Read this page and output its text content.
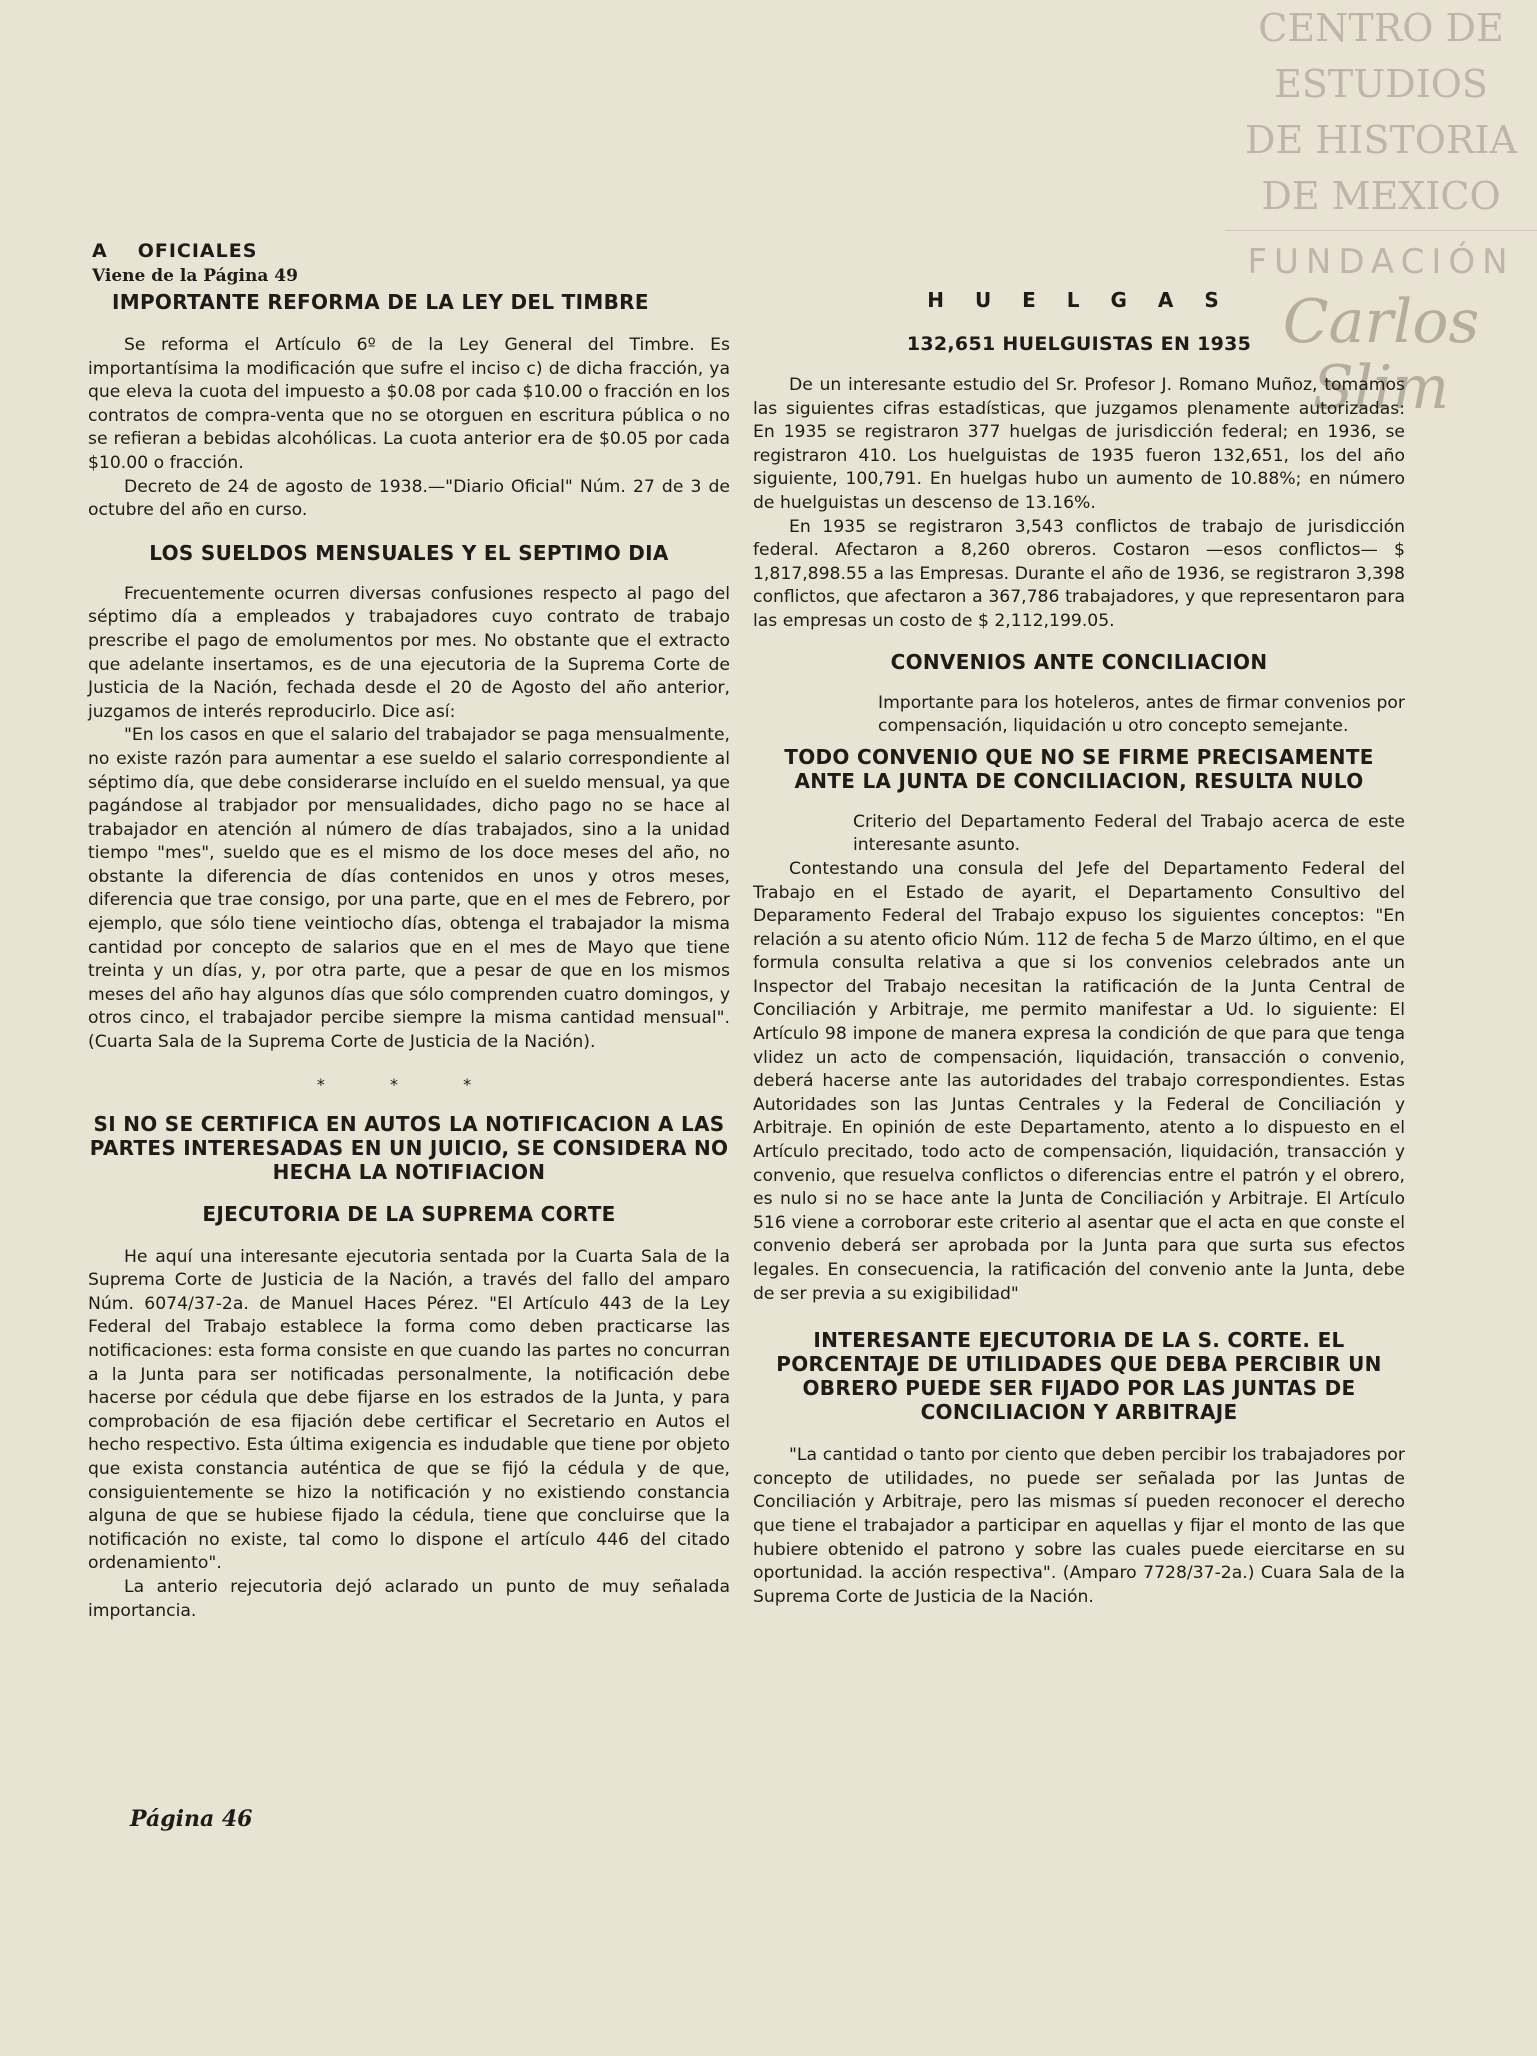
CENTRO DE
ESTUDIOS
DE HISTORIA
DE MEXICO
FUNDACIÓN
Carlos Slim
A OFICIALES
Viene de la Página 49
IMPORTANTE REFORMA DE LA LEY DEL TIMBRE

Se reforma el Artículo 6º de la Ley General del Timbre. Es importantísima la modificación que sufre el inciso c) de dicha fracción, ya que eleva la cuota del impuesto a $0.08 por cada $10.00 o fracción en los contratos de compra-venta que no se otorguen en escritura pública o no se refieran a bebidas alcohólicas. La cuota anterior era de $0.05 por cada $10.00 o fracción.

Decreto de 24 de agosto de 1938.—"Diario Oficial" Núm. 27 de 3 de octubre del año en curso.

LOS SUELDOS MENSUALES Y EL SEPTIMO DIA

Frecuentemente ocurren diversas confusiones respecto al pago del séptimo día a empleados y trabajadores cuyo contrato de trabajo prescribe el pago de emolumentos por mes. No obstante que el extracto que adelante insertamos, es de una ejecutoria de la Suprema Corte de Justicia de la Nación, fechada desde el 20 de Agosto del año anterior, juzgamos de interés reproducirlo. Dice así:

"En los casos en que el salario del trabajador se paga mensualmente, no existe razón para aumentar a ese sueldo el salario correspondiente al séptimo día, que debe considerarse incluído en el sueldo mensual, ya que pagándose al trabjador por mensualidades, dicho pago no se hace al trabajador en atención al número de días trabajados, sino a la unidad tiempo "mes", sueldo que es el mismo de los doce meses del año, no obstante la diferencia de días contenidos en unos y otros meses, diferencia que trae consigo, por una parte, que en el mes de Febrero, por ejemplo, que sólo tiene veintiocho días, obtenga el trabajador la misma cantidad por concepto de salarios que en el mes de Mayo que tiene treinta y un días, y, por otra parte, que a pesar de que en los mismos meses del año hay algunos días que sólo comprenden cuatro domingos, y otros cinco, el trabajador percibe siempre la misma cantidad mensual". (Cuarta Sala de la Suprema Corte de Justicia de la Nación).

* * *

SI NO SE CERTIFICA EN AUTOS LA NOTIFICACION A LAS PARTES INTERESADAS EN UN JUICIO, SE CONSIDERA NO HECHA LA NOTIFIACION
EJECUTORIA DE LA SUPREMA CORTE

He aquí una interesante ejecutoria sentada por la Cuarta Sala de la Suprema Corte de Justicia de la Nación, a través del fallo del amparo Núm. 6074/37-2a. de Manuel Haces Pérez. "El Artículo 443 de la Ley Federal del Trabajo establece la forma como deben practicarse las notificaciones: esta forma consiste en que cuando las partes no concurran a la Junta para ser notificadas personalmente, la notificación debe hacerse por cédula que debe fijarse en los estrados de la Junta, y para comprobación de esa fijación debe certificar el Secretario en Autos el hecho respectivo. Esta última exigencia es indudable que tiene por objeto que exista constancia auténtica de que se fijó la cédula y de que, consiguientemente se hizo la notificación y no existiendo constancia alguna de que se hubiese fijado la cédula, tiene que concluirse que la notificación no existe, tal como lo dispone el artículo 446 del citado ordenamiento".

La anterio rejecutoria dejó aclarado un punto de muy señalada importancia.

Página 46
H U E L G A S
132,651 HUELGUISTAS EN 1935

De un interesante estudio del Sr. Profesor J. Romano Muñoz, tomamos las siguientes cifras estadísticas, que juzgamos plenamente autorizadas: En 1935 se registraron 377 huelgas de jurisdicción federal; en 1936, se registraron 410. Los huelguistas de 1935 fueron 132,651, los del año siguiente, 100,791. En huelgas hubo un aumento de 10.88%; en número de huelguistas un descenso de 13.16%.

En 1935 se registraron 3,543 conflictos de trabajo de jurisdicción federal. Afectaron a 8,260 obreros. Costaron —esos conflictos— $ 1,817,898.55 a las Empresas. Durante el año de 1936, se registraron 3,398 conflictos, que afectaron a 367,786 trabajadores, y que representaron para las empresas un costo de $ 2,112,199.05.

CONVENIOS ANTE CONCILIACION

Importante para los hoteleros, antes de firmar convenios por compensación, liquidación u otro concepto semejante.

TODO CONVENIO QUE NO SE FIRME PRECISAMENTE ANTE LA JUNTA DE CONCILIACION, RESULTA NULO

Criterio del Departamento Federal del Trabajo acerca de este interesante asunto.

Contestando una consula del Jefe del Departamento Federal del Trabajo en el Estado de ayarit, el Departamento Consultivo del Deparamento Federal del Trabajo expuso los siguientes conceptos: "En relación a su atento oficio Núm. 112 de fecha 5 de Marzo último, en el que formula consulta relativa a que si los convenios celebrados ante un Inspector del Trabajo necesitan la ratificación de la Junta Central de Conciliación y Arbitraje, me permito manifestar a Ud. lo siguiente: El Artículo 98 impone de manera expresa la condición de que para que tenga vlidez un acto de compensación, liquidación, transacción o convenio, deberá hacerse ante las autoridades del trabajo correspondientes. Estas Autoridades son las Juntas Centrales y la Federal de Conciliación y Arbitraje. En opinión de este Departamento, atento a lo dispuesto en el Artículo precitado, todo acto de compensación, liquidación, transacción y convenio, que resuelva conflictos o diferencias entre el patrón y el obrero, es nulo si no se hace ante la Junta de Conciliación y Arbitraje. El Artículo 516 viene a corroborar este criterio al asentar que el acta en que conste el convenio deberá ser aprobada por la Junta para que surta sus efectos legales. En consecuencia, la ratificación del convenio ante la Junta, debe de ser previa a su exigibilidad"

INTERESANTE EJECUTORIA DE LA S. CORTE. EL PORCENTAJE DE UTILIDADES QUE DEBA PERCIBIR UN OBRERO PUEDE SER FIJADO POR LAS JUNTAS DE CONCILIACION Y ARBITRAJE

"La cantidad o tanto por ciento que deben percibir los trabajadores por concepto de utilidades, no puede ser señalada por las Juntas de Conciliación y Arbitraje, pero las mismas sí pueden reconocer el derecho que tiene el trabajador a participar en aquellas y fijar el monto de las que hubiere obtenido el patrono y sobre las cuales puede eiercitarse en su oportunidad. la acción respectiva". (Amparo 7728/37-2a.) Cuara Sala de la Suprema Corte de Justicia de la Nación.
